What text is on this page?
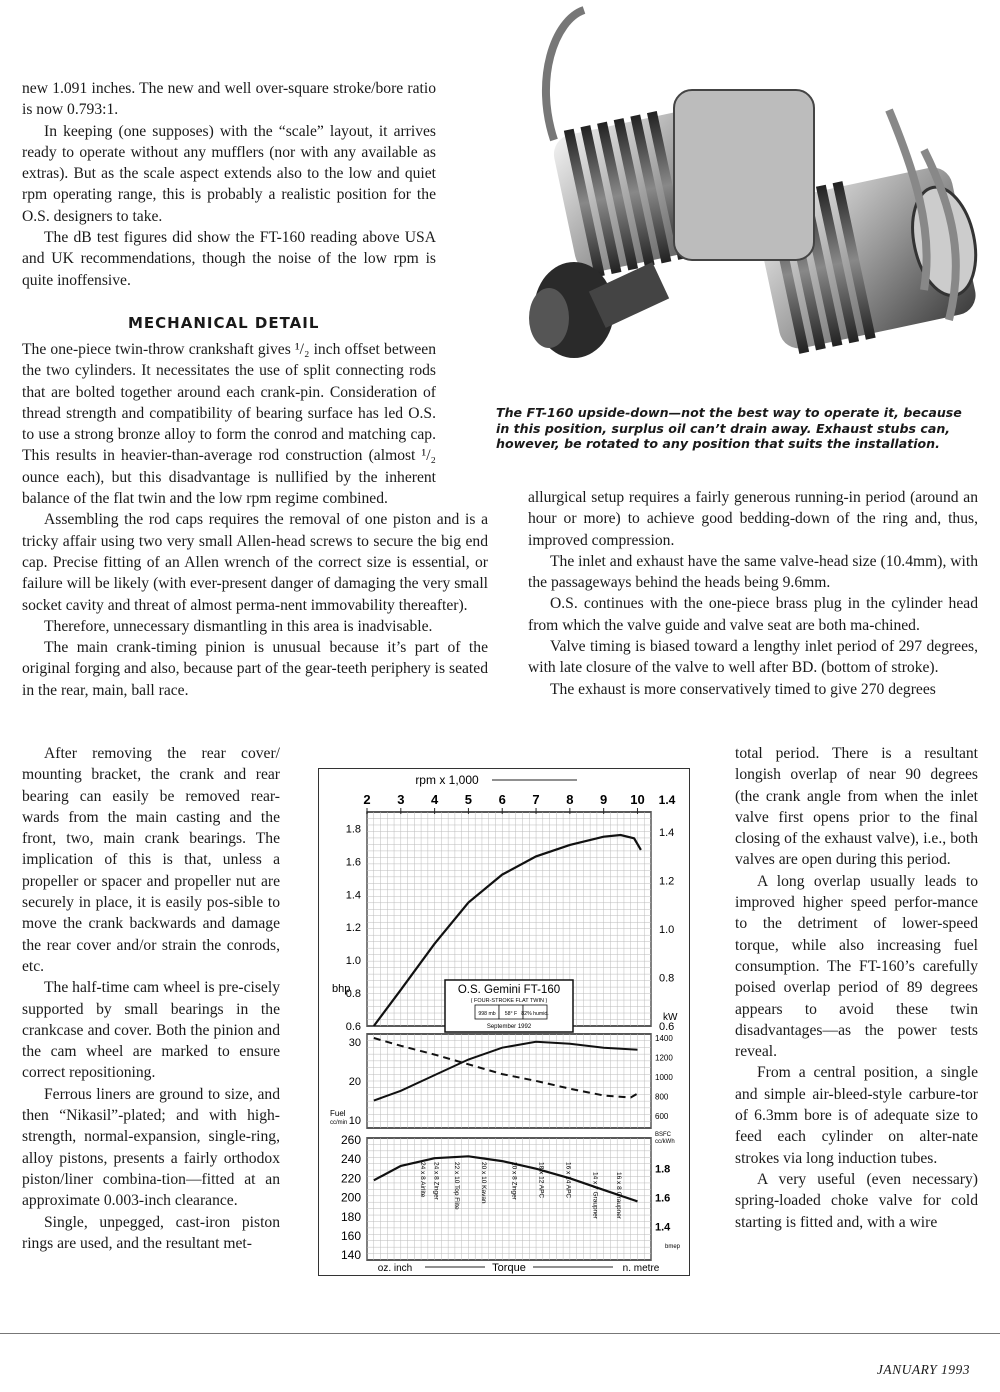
new 1.091 inches. The new and well over-square stroke/bore ratio is now 0.793:1.

In keeping (one supposes) with the “scale” layout, it arrives ready to operate without any mufflers (nor with any available as extras). But as the scale aspect extends also to the low and quiet rpm operating range, this is probably a realistic position for the O.S. designers to take.

The dB test figures did show the FT-160 reading above USA and UK recommendations, though the noise of the low rpm is quite inoffensive.

MECHANICAL DETAIL

The one-piece twin-throw crankshaft gives ¹/₂ inch offset between the two cylinders. It necessitates the use of split connecting rods that are bolted together around each crank-pin. Consideration of thread strength and compatibility of bearing surface has led O.S. to use a strong bronze alloy to form the conrod and matching cap. This results in heavier-than-average rod construction (almost ¹/₂ ounce each), but this disadvantage is nullified by the inherent balance of the flat twin and the low rpm regime combined.

Assembling the rod caps requires the removal of one piston and is a tricky affair using two very small Allen-head screws to secure the big end cap. Precise fitting of an Allen wrench of the correct size is essential, or failure will be likely (with ever-present danger of damaging the very small socket cavity and threat of almost perma-nent immovability thereafter).

Therefore, unnecessary dismantling in this area is inadvisable.

The main crank-timing pinion is unusual because it’s part of the original forging and also, because part of the gear-teeth periphery is seated in the rear, main, ball race.

After removing the rear cover/ mounting bracket, the crank and rear bearing can easily be removed rear-wards from the main casting and the front, two, main crank bearings. The implication of this is that, unless a propeller or spacer and propeller nut are securely in place, it is easily pos-sible to move the crank backwards and damage the rear cover and/or strain the conrods, etc.

The half-time cam wheel is pre-cisely supported by small bearings in the crankcase and cover. Both the pinion and the cam wheel are marked to ensure correct repositioning.

Ferrous liners are ground to size, and then “Nikasil”-plated; and with high-strength, normal-expansion, single-ring, alloy pistons, presents a fairly orthodox piston/liner combina-tion—fitted at an approximate 0.003-inch clearance.

Single, unpegged, cast-iron piston rings are used, and the resultant met-

allurgical setup requires a fairly generous running-in period (around an hour or more) to achieve good bedding-down of the ring and, thus, improved compression.

The inlet and exhaust have the same valve-head size (10.4mm), with the passageways behind the heads being 9.6mm.

O.S. continues with the one-piece brass plug in the cylinder head from which the valve guide and valve seat are both ma-chined.

Valve timing is biased toward a lengthy inlet period of 297 degrees, with late closure of the valve to well after BD. (bottom of stroke).

The exhaust is more conservatively timed to give 270 degrees

total period. There is a resultant longish overlap of near 90 degrees (the crank angle from when the inlet valve first opens prior to the final closing of the exhaust valve), i.e., both valves are open during this period.

A long overlap usually leads to improved higher speed perfor-mance to the detriment of lower-speed torque, while also increasing fuel consumption. The FT-160’s carefully poised overlap period of 89 degrees appears to avoid these twin disadvantages—as the power tests reveal.

From a central position, a single and simple air-bleed-style carbure-tor of 6.3mm bore is of adequate size to feed each cylinder on alter-nate strokes via long induction tubes.

A very useful (even necessary) spring-loaded choke valve for cold starting is fitted and, with a wire

The FT-160 upside-down—not the best way to operate it, because in this position, surplus oil can’t drain away. Exhaust stubs can, however, be rotated to any position that suits the installation.
2 3 4 5 6 7 8 9 10
rpm x 1,000
1.4
0.6
0.8
1.0
1.2
1.4
1.6
1.8
0.6
0.8
1.0
1.2
1.4
bhp
kW
10
20
30
600
800
1000
1200
1400
Fuel
cc/min
BSFC
cc/kWh
140
160
180
200
220
240
260
1.4
1.6
1.8
bmep
24 x 8 Airlite 24 x 8 Zinger 22 x 10 Top Flite	20 x 10 Kavan	20 x 8 Zinger	18 x 12 APC	16 x 14 APC	14 x 7 Graupner	16 x 8 Graupner
oz. inch	Torque	n. metre
O.S. Gemini FT-160
( FOUR-STROKE FLAT TWIN )
998 mb 58° F 82% humid.
September 1992
JANUARY 1993
